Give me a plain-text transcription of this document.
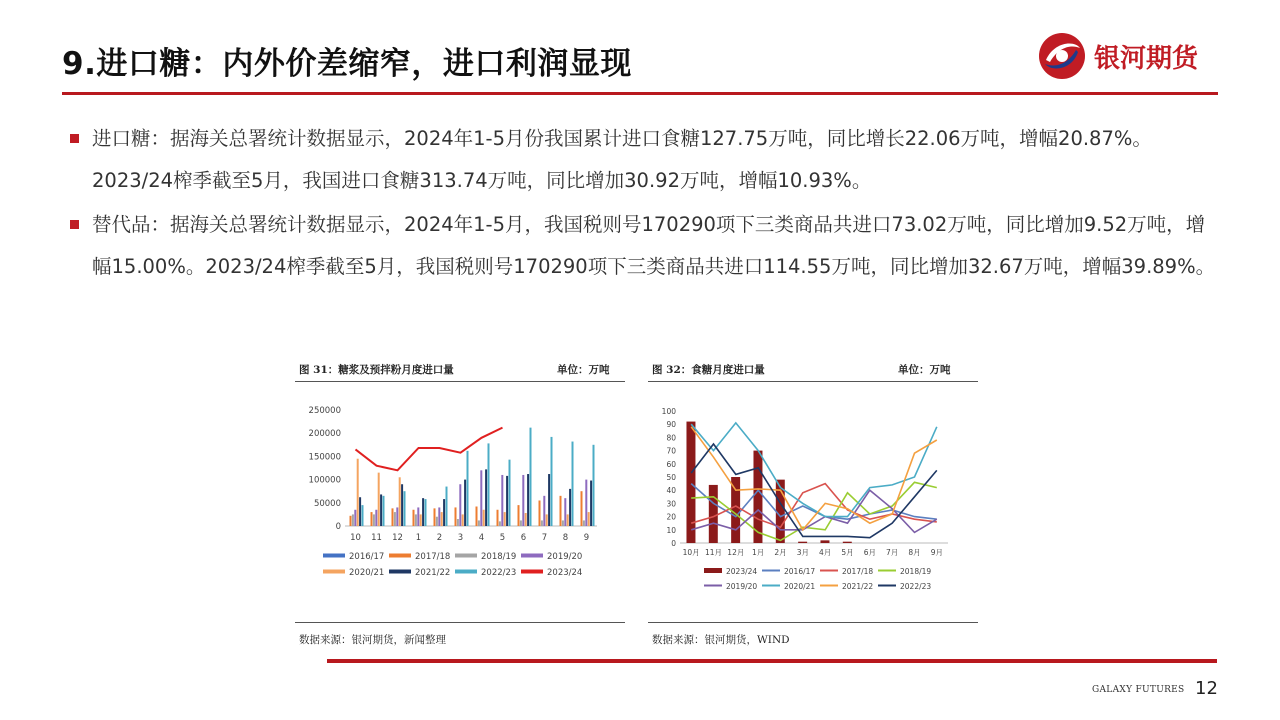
9.进口糖：内外价差缩窄，进口利润显现	银河期货
进口糖：据海关总署统计数据显示，2024年1-5月份我国累计进口食糖127.75万吨，同比增长22.06万吨，增幅20.87%。2023/24榨季截至5月，我国进口食糖313.74万吨，同比增加30.92万吨，增幅10.93%。
替代品：据海关总署统计数据显示，2024年1-5月，我国税则号170290项下三类商品共进口73.02万吨，同比增加9.52万吨，增幅15.00%。2023/24榨季截至5月，我国税则号170290项下三类商品共进口114.55万吨，同比增加32.67万吨，增幅39.89%。
图 31：糖浆及预拌粉月度进口量	单位：万吨
0
50000
100000
150000
200000
250000
10 11 12 1 2 3 4 5 6 7 8 9
2016/17	2017/18	2018/19	2019/20
2020/21	2021/22	2022/23	2023/24
数据来源：银河期货，新闻整理
图 32：食糖月度进口量	单位：万吨
0
10
20
30
40
50
60
70
80
90
100
10月 11月 12月 1月 2月 3月 4月 5月 6月 7月 8月 9月
2023/24	2016/17	2017/18	2018/19
2019/20	2020/21	2021/22	2022/23
数据来源：银河期货，WIND
GALAXY FUTURES 12
